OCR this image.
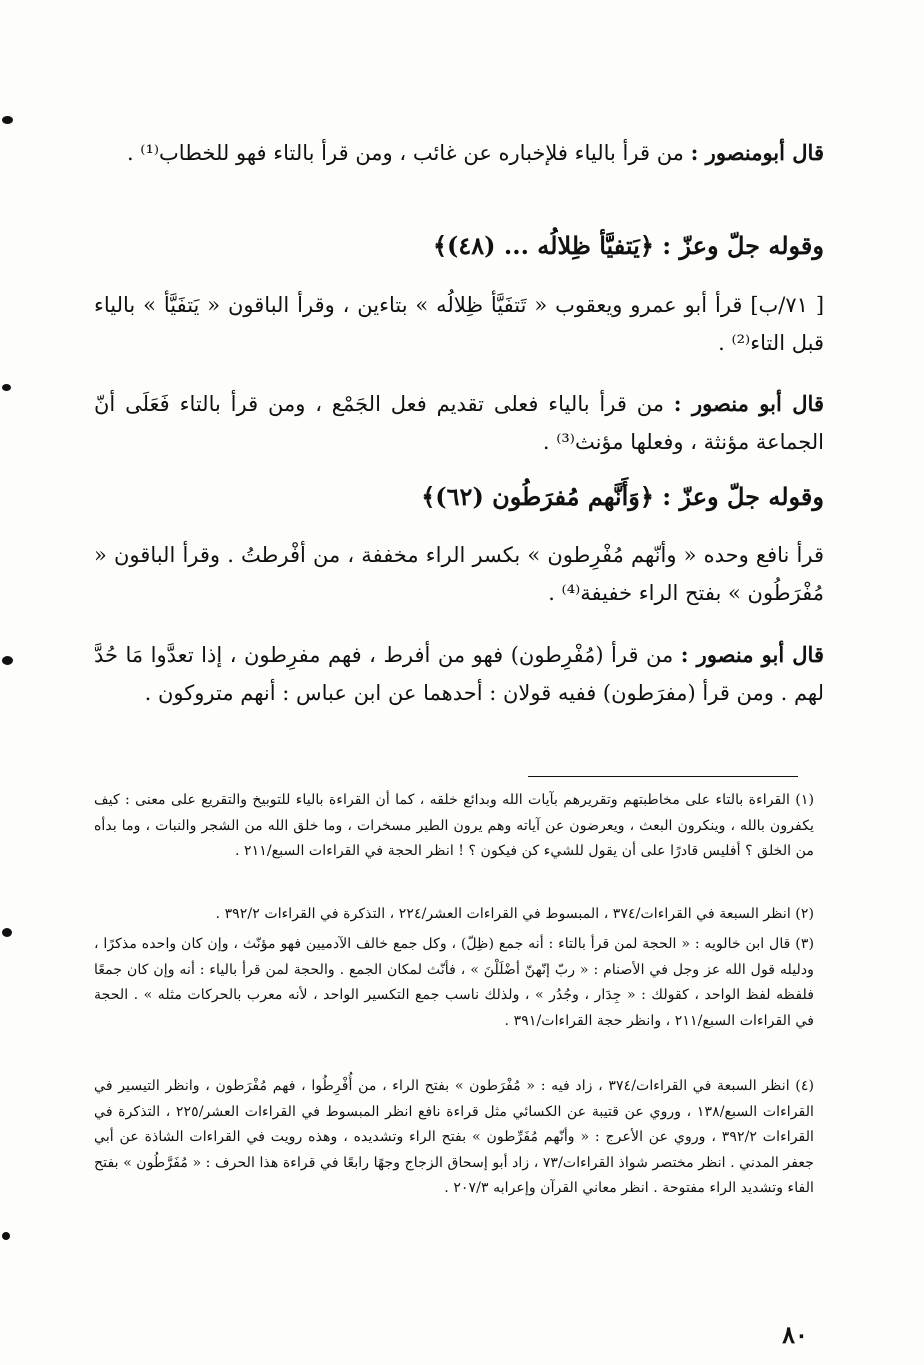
قال أبومنصور : من قرأ بالياء فلإخباره عن غائب ، ومن قرأ بالتاء فهو للخطاب⁽¹⁾ .
وقوله جلّ وعزّ : ﴿يَتفيَّأ ظِلالُه ... (٤٨)﴾
[ ٧١/ب] قرأ أبو عمرو ويعقوب « تَتفَيَّأ ظِلالُه » بتاءين ، وقرأ الباقون « يَتفَيَّأ » بالياء قبل التاء⁽²⁾ .
قال أبو منصور : من قرأ بالياء فعلى تقديم فعل الجَمْع ، ومن قرأ بالتاء فَعَلَى أنّ الجماعة مؤنثة ، وفعلها مؤنث⁽³⁾ .
وقوله جلّ وعزّ : ﴿وَأَنَّهم مُفرَطُون (٦٢)﴾
قرأ نافع وحده « وأنّهم مُفْرِطون » بكسر الراء مخففة ، من أفْرطتُ . وقرأ الباقون « مُفْرَطُون » بفتح الراء خفيفة⁽⁴⁾ .
قال أبو منصور : من قرأ (مُفْرِطون) فهو من أفرط ، فهم مفرِطون ، إذا تعدَّوا مَا حُدَّ لهم . ومن قرأ (مفرَطون) ففيه قولان : أحدهما عن ابن عباس : أنهم متروكون .
(١) القراءة بالتاء على مخاطبتهم وتقريرهم بآيات الله وبدائع خلقه ، كما أن القراءة بالياء للتوبيخ والتقريع على معنى : كيف يكفرون بالله ، وينكرون البعث ، ويعرضون عن آياته وهم يرون الطير مسخرات ، وما خلق الله من الشجر والنبات ، وما بدأه من الخلق ؟ أفليس قادرًا على أن يقول للشيء كن فيكون ؟ ! انظر الحجة في القراءات السبع/٢١١ .
(٢) انظر السبعة في القراءات/٣٧٤ ، المبسوط في القراءات العشر/٢٢٤ ، التذكرة في القراءات ٣٩٢/٢ .
(٣) قال ابن خالويه : « الحجة لمن قرأ بالتاء : أنه جمع (ظِلّ) ، وكل جمع خالف الآدميين فهو مؤنّث ، وإن كان واحده مذكرًا ، ودليله قول الله عز وجل في الأصنام : « ربّ إنّهنّ أضْلَلْنَ » ، فأنّث لمكان الجمع . والحجة لمن قرأ بالياء : أنه وإن كان جمعًا فلفظه لفظ الواحد ، كقولك : « جِدَار ، وجُدُر » ، ولذلك ناسب جمع التكسير الواحد ، لأنه معرب بالحركات مثله » . الحجة في القراءات السبع/٢١١ ، وانظر حجة القراءات/٣٩١ .
(٤) انظر السبعة في القراءات/٣٧٤ ، زاد فيه : « مُفْرَطون » بفتح الراء ، من أُفْرِطُوا ، فهم مُفْرَطون ، وانظر التيسير في القراءات السبع/١٣٨ ، وروي عن قتيبة عن الكسائي مثل قراءة نافع انظر المبسوط في القراءات العشر/٢٢٥ ، التذكرة في القراءات ٣٩٢/٢ ، وروي عن الأعرج : « وأنّهم مُفَرِّطون » بفتح الراء وتشديده ، وهذه رويت في القراءات الشاذة عن أبي جعفر المدني . انظر مختصر شواذ القراءات/٧٣ ، زاد أبو إسحاق الزجاج وجهًا رابعًا في قراءة هذا الحرف : « مُفَرَّطُون » بفتح الفاء وتشديد الراء مفتوحة . انظر معاني القرآن وإعرابه ٢٠٧/٣ .
٨٠
